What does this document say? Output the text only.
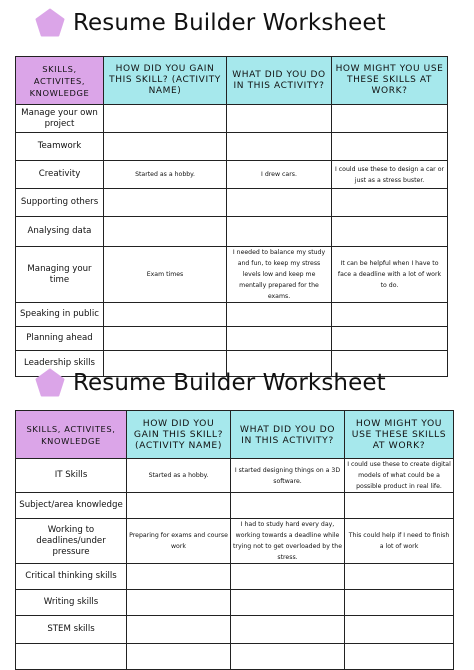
Resume Builder Worksheet
SKILLS, ACTIVITES, KNOWLEDGE	HOW DID YOU GAIN THIS SKILL? (ACTIVITY NAME)	WHAT DID YOU DO IN THIS ACTIVITY?	HOW MIGHT YOU USE THESE SKILLS AT WORK?
Manage your own project			
Teamwork			
Creativity	Started as a hobby.	I drew cars.	I could use these to design a car or just as a stress buster.
Supporting others			
Analysing data			
Managing your time	Exam times	I needed to balance my study and fun, to keep my stress levels low and keep me mentally prepared for the exams.	It can be helpful when I have to face a deadline with a lot of work to do.
Speaking in public			
Planning ahead			
Leadership skills			
Resume Builder Worksheet
SKILLS, ACTIVITES, KNOWLEDGE	HOW DID YOU GAIN THIS SKILL? (ACTIVITY NAME)	WHAT DID YOU DO IN THIS ACTIVITY?	HOW MIGHT YOU USE THESE SKILLS AT WORK?
IT Skills	Started as a hobby.	I started designing things on a 3D software.	I could use these to create digital models of what could be a possible product in real life.
Subject/area knowledge			
Working to deadlines/under pressure	Preparing for exams and course work	I had to study hard every day, working towards a deadline while trying not to get overloaded by the stress.	This could help if I need to finish a lot of work
Critical thinking skills			
Writing skills			
STEM skills			
